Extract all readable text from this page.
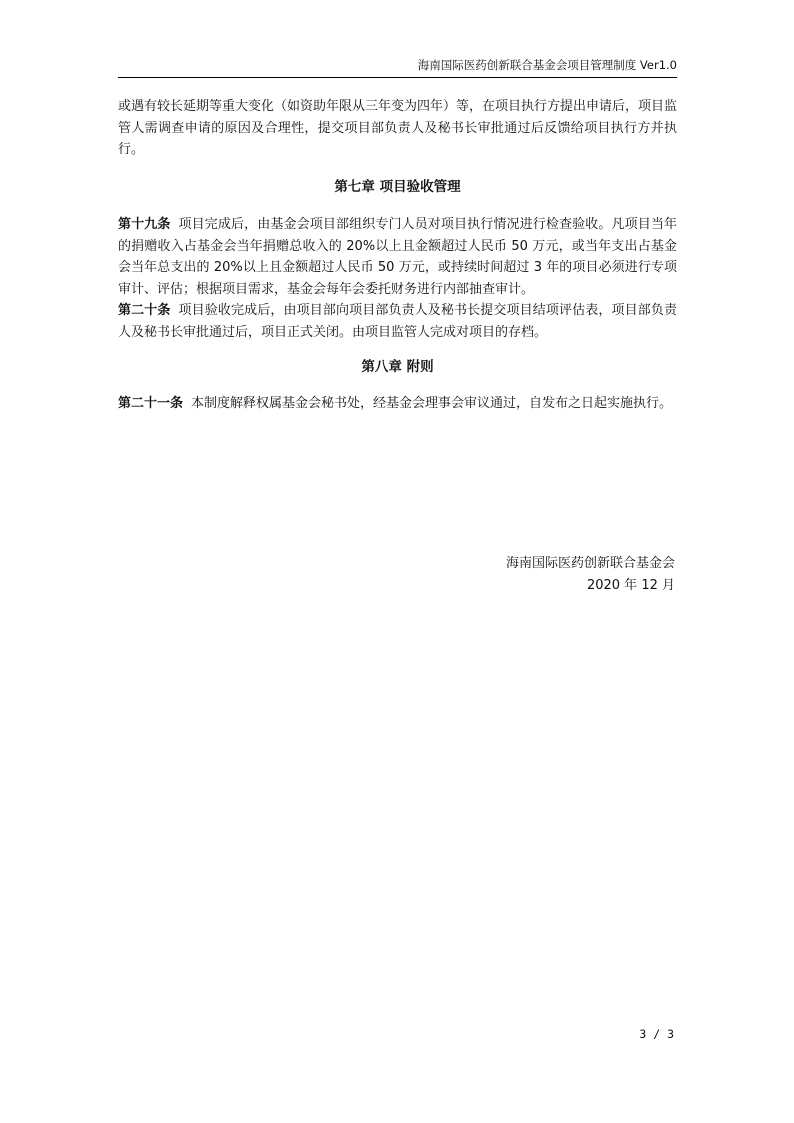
海南国际医药创新联合基金会项目管理制度 Ver1.0

或遇有较长延期等重大变化（如资助年限从三年变为四年）等，在项目执行方提出申请后，项目监管人需调查申请的原因及合理性，提交项目部负责人及秘书长审批通过后反馈给项目执行方并执行。

第七章 项目验收管理

第十九条 项目完成后，由基金会项目部组织专门人员对项目执行情况进行检查验收。凡项目当年的捐赠收入占基金会当年捐赠总收入的 20%以上且金额超过人民币 50 万元，或当年支出占基金会当年总支出的 20%以上且金额超过人民币 50 万元，或持续时间超过 3 年的项目必须进行专项审计、评估；根据项目需求，基金会每年会委托财务进行内部抽查审计。

第二十条 项目验收完成后，由项目部向项目部负责人及秘书长提交项目结项评估表，项目部负责人及秘书长审批通过后，项目正式关闭。由项目监管人完成对项目的存档。

第八章 附则

第二十一条 本制度解释权属基金会秘书处，经基金会理事会审议通过，自发布之日起实施执行。

海南国际医药创新联合基金会
2020 年 12 月
3 / 3
